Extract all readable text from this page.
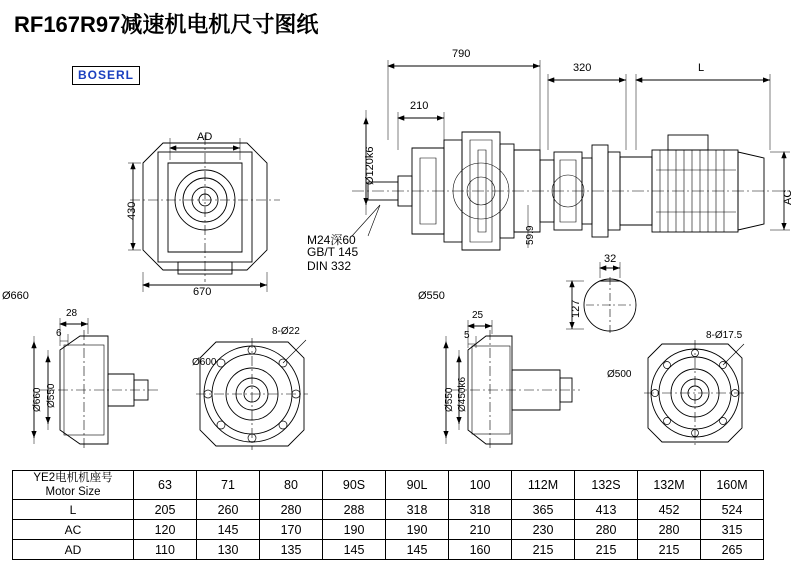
RF167R97减速机电机尺寸图纸
BOSERL
790
320	L
210
AD
430
670
Ø120k6
59.9
AC
32
127
M24深60
GB/T 145
DIN 332
Ø660	Ø550
Ø660 Ø550
28
6
Ø600
8-Ø22
Ø550 Ø450k6
25
5
Ø500
8-Ø17.5
YE2电机机座号
Motor Size	63	71	80	90S	90L	100	112M	132S	132M	160M
L	205	260	280	288	318	318	365	413	452	524
AC	120	145	170	190	190	210	230	280	280	315
AD	110	130	135	145	145	160	215	215	215	265
